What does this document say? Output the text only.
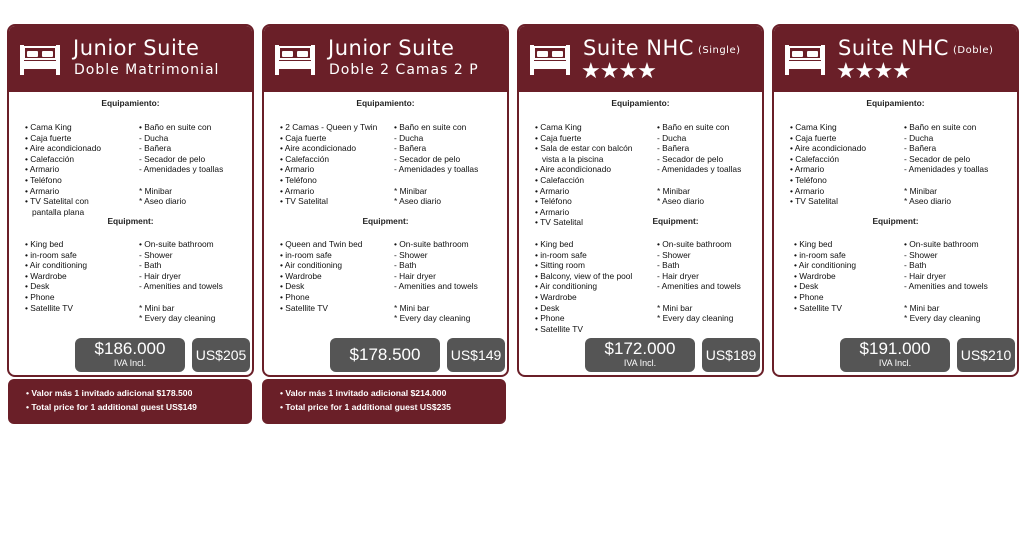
Junior Suite
Doble Matrimonial
Equipamiento:
• Cama King
• Caja fuerte
• Aire acondicionado
• Calefacción
• Armario
• Teléfono
• Armario
• TV Satelital con
pantalla plana
• Baño en suite con
- Ducha
- Bañera
- Secador de pelo
- Amenidades y toallas

* Minibar
* Aseo diario
Equipment:
• King bed
• in-room safe
• Air conditioning
• Wardrobe
• Desk
• Phone
• Satellite TV
• On-suite bathroom
- Shower
- Bath
- Hair dryer
- Amenities and towels

* Mini bar
* Every day cleaning
$186.000
IVA Incl.	US$205
Junior Suite
Doble 2 Camas 2 P
Equipamiento:
• 2 Camas - Queen y Twin
• Caja fuerte
• Aire acondicionado
• Calefacción
• Armario
• Teléfono
• Armario
• TV Satelital
• Baño en suite con
- Ducha
- Bañera
- Secador de pelo
- Amenidades y toallas

* Minibar
* Aseo diario
Equipment:
• Queen and Twin bed
• in-room safe
• Air conditioning
• Wardrobe
• Desk
• Phone
• Satellite TV
• On-suite bathroom
- Shower
- Bath
- Hair dryer
- Amenities and towels

* Mini bar
* Every day cleaning
$178.500	US$149
Suite NHC (Single)
★★★★
Equipamiento:
• Cama King
• Caja fuerte
• Sala de estar con balcón
vista a la piscina
• Aire acondicionado
• Calefacción
• Armario
• Teléfono
• Armario
• TV Satelital
• Baño en suite con
- Ducha
- Bañera
- Secador de pelo
- Amenidades y toallas

* Minibar
* Aseo diario
Equipment:
• King bed
• in-room safe
• Sitting room
• Balcony, view of the pool
• Air conditioning
• Wardrobe
• Desk
• Phone
• Satellite TV
• On-suite bathroom
- Shower
- Bath
- Hair dryer
- Amenities and towels

* Mini bar
* Every day cleaning
$172.000
IVA Incl.	US$189
Suite NHC (Doble)
★★★★
Equipamiento:
• Cama King
• Caja fuerte
• Aire acondicionado
• Calefacción
• Armario
• Teléfono
• Armario
• TV Satelital
• Baño en suite con
- Ducha
- Bañera
- Secador de pelo
- Amenidades y toallas

* Minibar
* Aseo diario
Equipment:
• King bed
• in-room safe
• Air conditioning
• Wardrobe
• Desk
• Phone
• Satellite TV
• On-suite bathroom
- Shower
- Bath
- Hair dryer
- Amenities and towels

* Mini bar
* Every day cleaning
$191.000
IVA Incl.	US$210
• Valor más 1 invitado adicional $178.500
• Total price for 1 additional guest US$149
• Valor más 1 invitado adicional $214.000
• Total price for 1 additional guest US$235
